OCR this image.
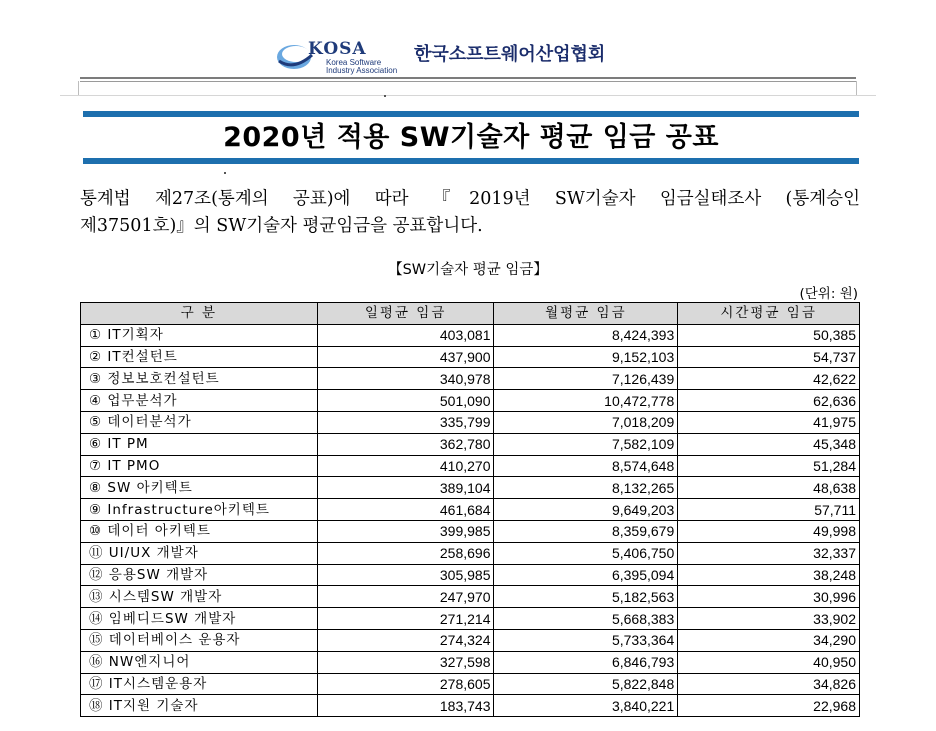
KOSA
Korea Software
Industry Association
한국소프트웨어산업협회
2020년 적용 SW기술자 평균 임금 공표
통계법 제27조(통계의 공표)에 따라 『2019년 SW기술자 임금실태조사 (통계승인
제37501호)』의 SW기술자 평균임금을 공표합니다.
【SW기술자 평균 임금】
(단위: 원)
구 분	일평균 임금	월평균 임금	시간평균 임금
① IT기획자	403,081	8,424,393	50,385
② IT컨설턴트	437,900	9,152,103	54,737
③ 정보보호컨설턴트	340,978	7,126,439	42,622
④ 업무분석가	501,090	10,472,778	62,636
⑤ 데이터분석가	335,799	7,018,209	41,975
⑥ IT PM	362,780	7,582,109	45,348
⑦ IT PMO	410,270	8,574,648	51,284
⑧ SW 아키텍트	389,104	8,132,265	48,638
⑨ Infrastructure아키텍트	461,684	9,649,203	57,711
⑩ 데이터 아키텍트	399,985	8,359,679	49,998
⑪ UI/UX 개발자	258,696	5,406,750	32,337
⑫ 응용SW 개발자	305,985	6,395,094	38,248
⑬ 시스템SW 개발자	247,970	5,182,563	30,996
⑭ 임베디드SW 개발자	271,214	5,668,383	33,902
⑮ 데이터베이스 운용자	274,324	5,733,364	34,290
⑯ NW엔지니어	327,598	6,846,793	40,950
⑰ IT시스템운용자	278,605	5,822,848	34,826
⑱ IT지원 기술자	183,743	3,840,221	22,968
